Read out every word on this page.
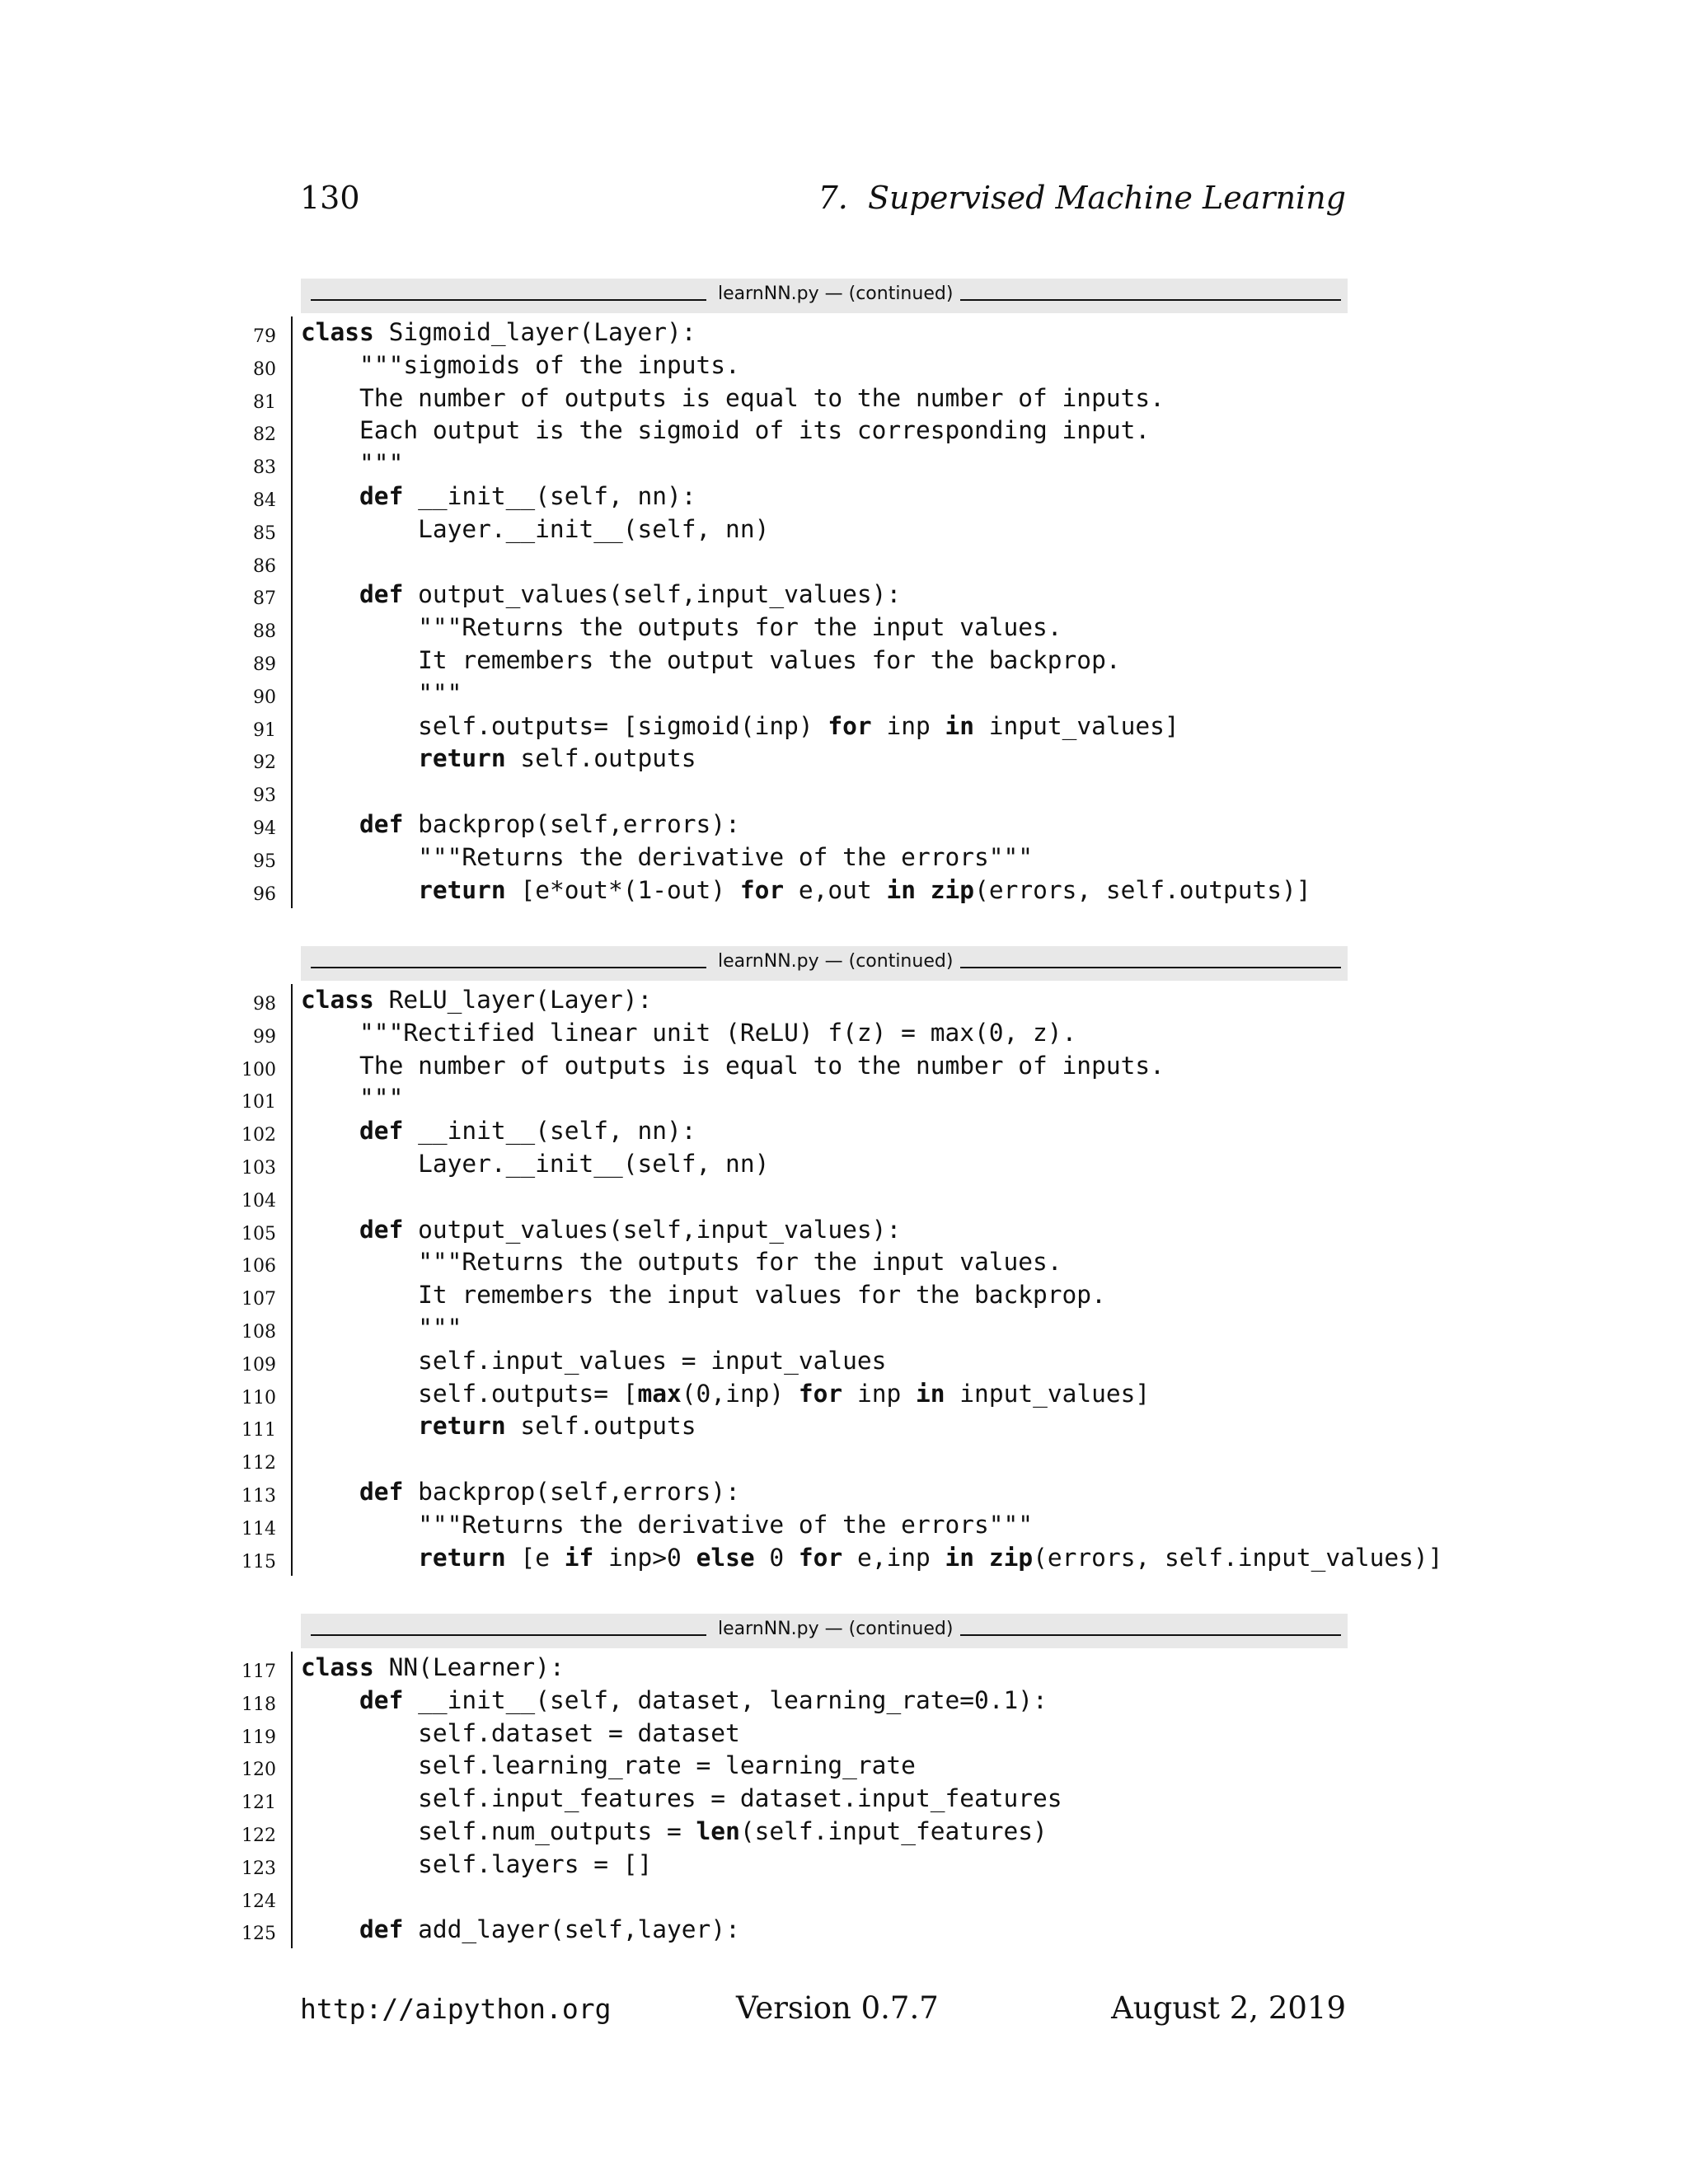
130	7.  Supervised Machine Learning
learnNN.py — (continued)
79 class Sigmoid_layer(Layer):
80 """sigmoids of the inputs.
81 The number of outputs is equal to the number of inputs.
82 Each output is the sigmoid of its corresponding input.
83 """
84	def __init__(self, nn):
85 Layer.__init__(self, nn)
86
87	def output_values(self,input_values):
88 """Returns the outputs for the input values.
89 It remembers the output values for the backprop.
90 """
91 self.outputs= [sigmoid(inp) for inp in input_values]
92	return self.outputs
93
94	def backprop(self,errors):
95 """Returns the derivative of the errors"""
96	return [e*out*(1-out) for e,out in zip(errors, self.outputs)]
learnNN.py — (continued)
98 class ReLU_layer(Layer):
99 """Rectified linear unit (ReLU) f(z) = max(0, z).
100 The number of outputs is equal to the number of inputs.
101 """
102	def __init__(self, nn):
103 Layer.__init__(self, nn)
104
105	def output_values(self,input_values):
106 """Returns the outputs for the input values.
107 It remembers the input values for the backprop.
108 """
109 self.input_values = input_values
110 self.outputs= [max(0,inp) for inp in input_values]
111	return self.outputs
112
113	def backprop(self,errors):
114 """Returns the derivative of the errors"""
115	return [e if inp>0 else 0 for e,inp in zip(errors, self.input_values)]
learnNN.py — (continued)
117 class NN(Learner):
118	def __init__(self, dataset, learning_rate=0.1):
119 self.dataset = dataset
120 self.learning_rate = learning_rate
121 self.input_features = dataset.input_features
122 self.num_outputs = len(self.input_features)
123 self.layers = []
124
125	def add_layer(self,layer):
http://aipython.org	Version 0.7.7	August 2, 2019
